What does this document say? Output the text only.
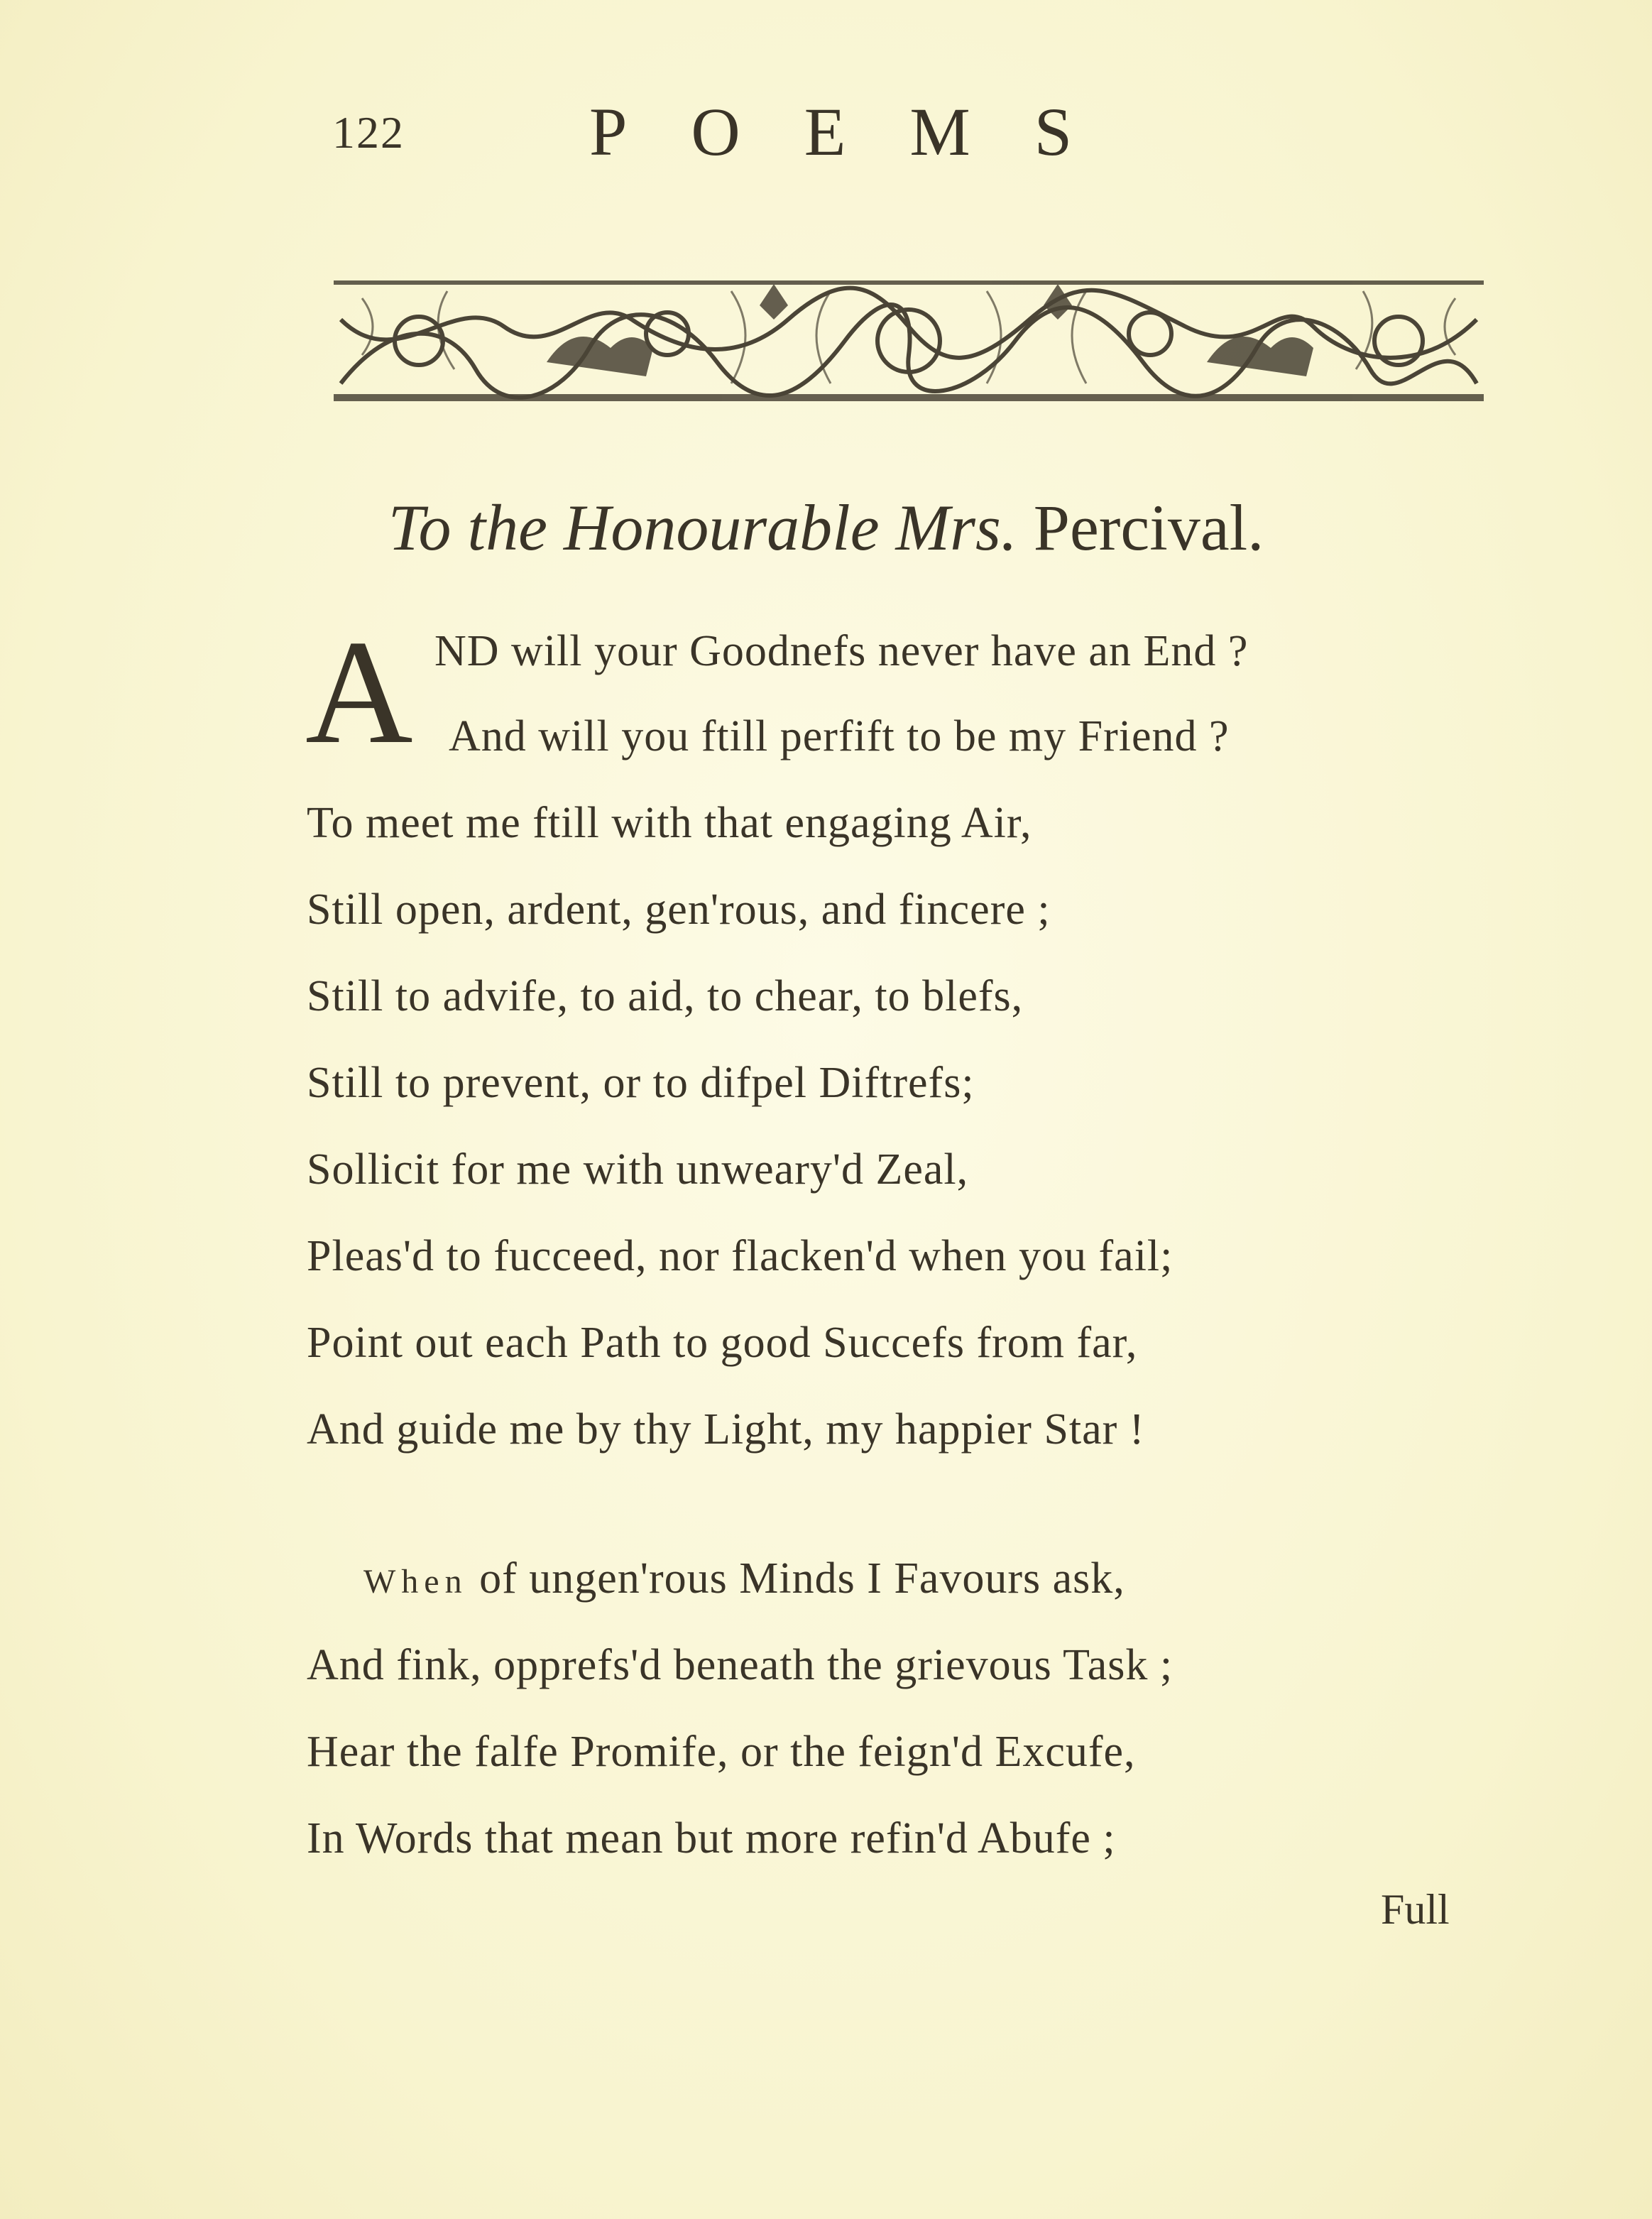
122	POEMS
To the Honourable Mrs. Percival.
A ND will your Goodnefs never have an End ?
And will you ftill perfift to be my Friend ?
To meet me ftill with that engaging Air,
Still open, ardent, gen'rous, and fincere ;
Still to advife, to aid, to chear, to blefs,
Still to prevent, or to difpel Diftrefs;
Sollicit for me with unweary'd Zeal,
Pleas'd to fucceed, nor flacken'd when you fail;
Point out each Path to good Succefs from far,
And guide me by thy Light, my happier Star !
When of ungen'rous Minds I Favours ask,
And fink, opprefs'd beneath the grievous Task ;
Hear the falfe Promife, or the feign'd Excufe,
In Words that mean but more refin'd Abufe ;
Full
